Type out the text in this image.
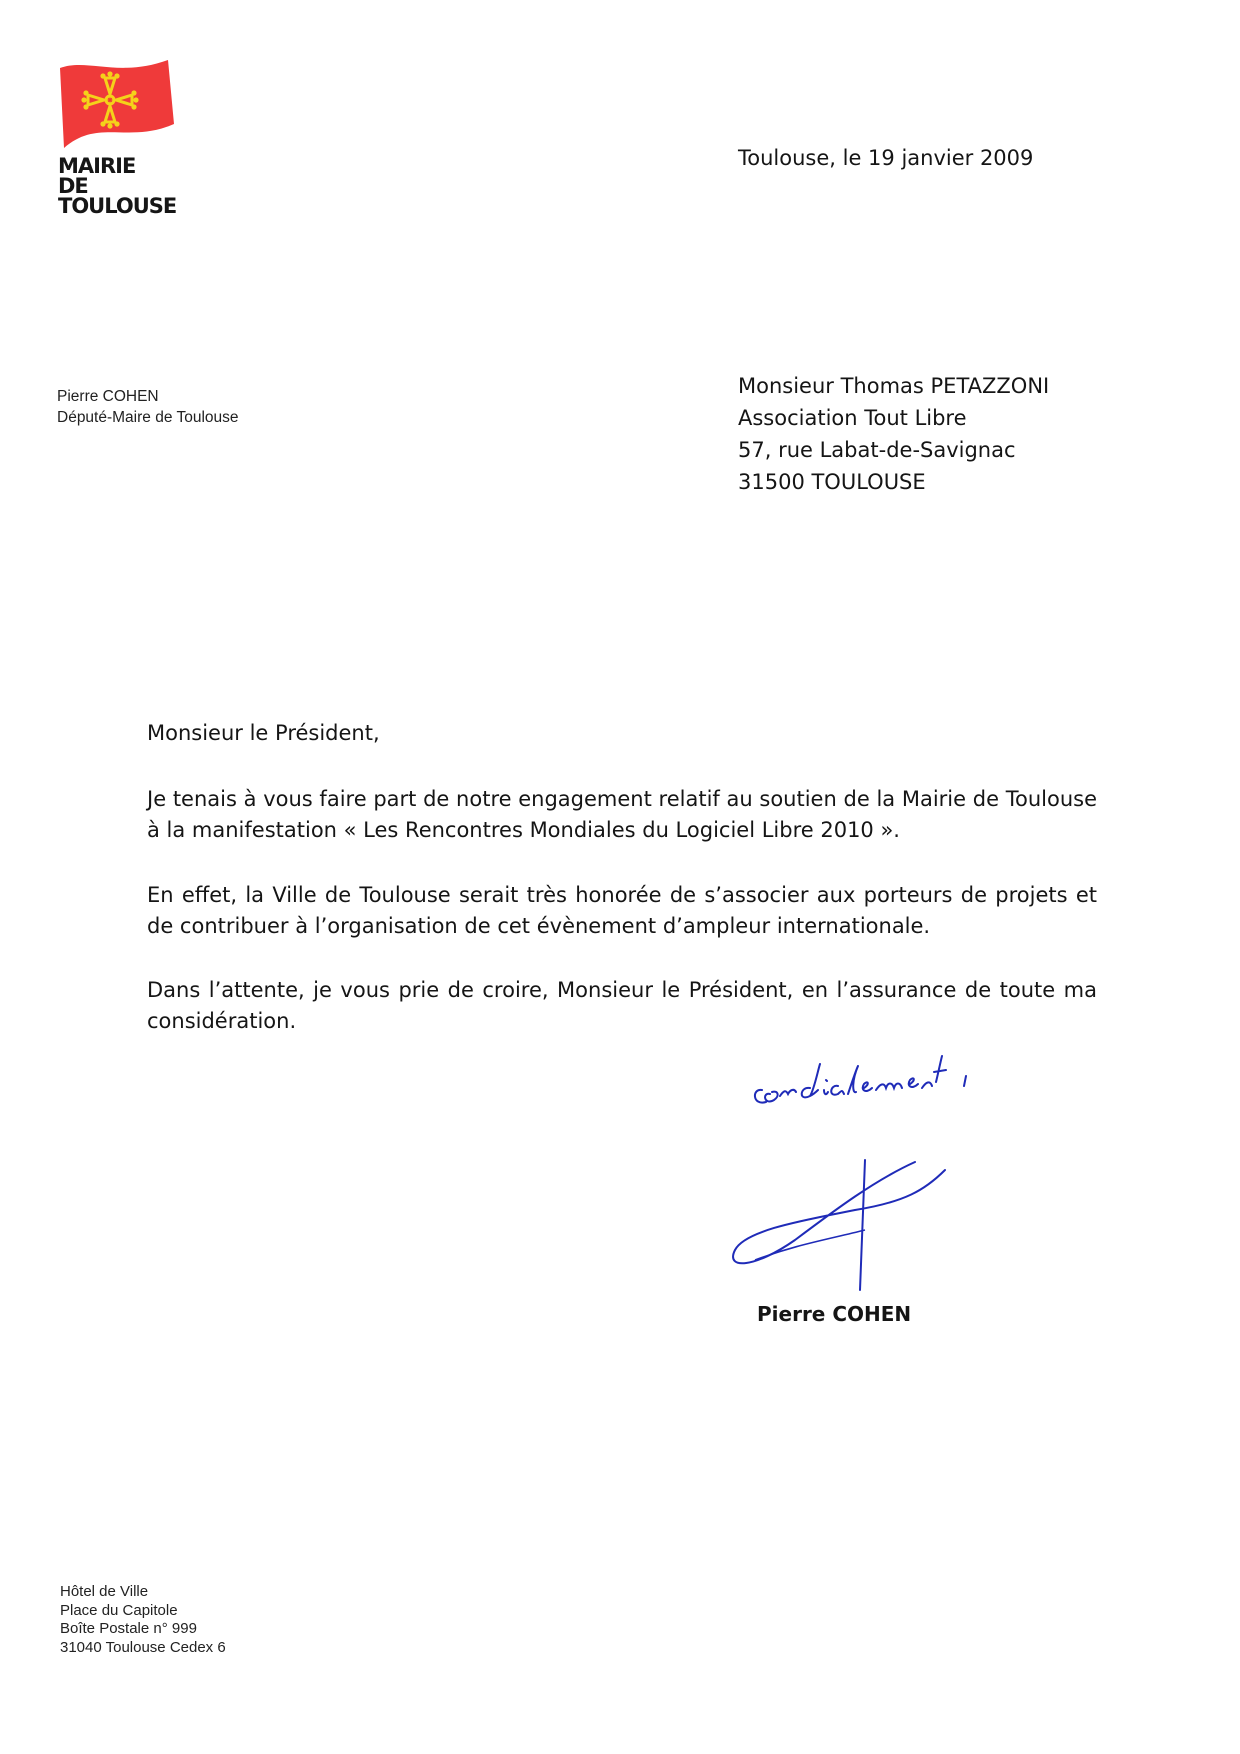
MAIRIE
DE
TOULOUSE
Toulouse, le 19 janvier 2009
Pierre COHEN
Député-Maire de Toulouse
Monsieur Thomas PETAZZONI
Association Tout Libre
57, rue Labat-de-Savignac
31500 TOULOUSE
Monsieur le Président,
Je tenais à vous faire part de notre engagement relatif au soutien de la Mairie de Toulouse à la manifestation « Les Rencontres Mondiales du Logiciel Libre 2010 ».
En effet, la Ville de Toulouse serait très honorée de s’associer aux porteurs de projets et de contribuer à l’organisation de cet évènement d’ampleur internationale.
Dans l’attente, je vous prie de croire, Monsieur le Président, en l’assurance de toute ma considération.
Pierre COHEN
Hôtel de Ville
Place du Capitole
Boîte Postale n° 999
31040 Toulouse Cedex 6
